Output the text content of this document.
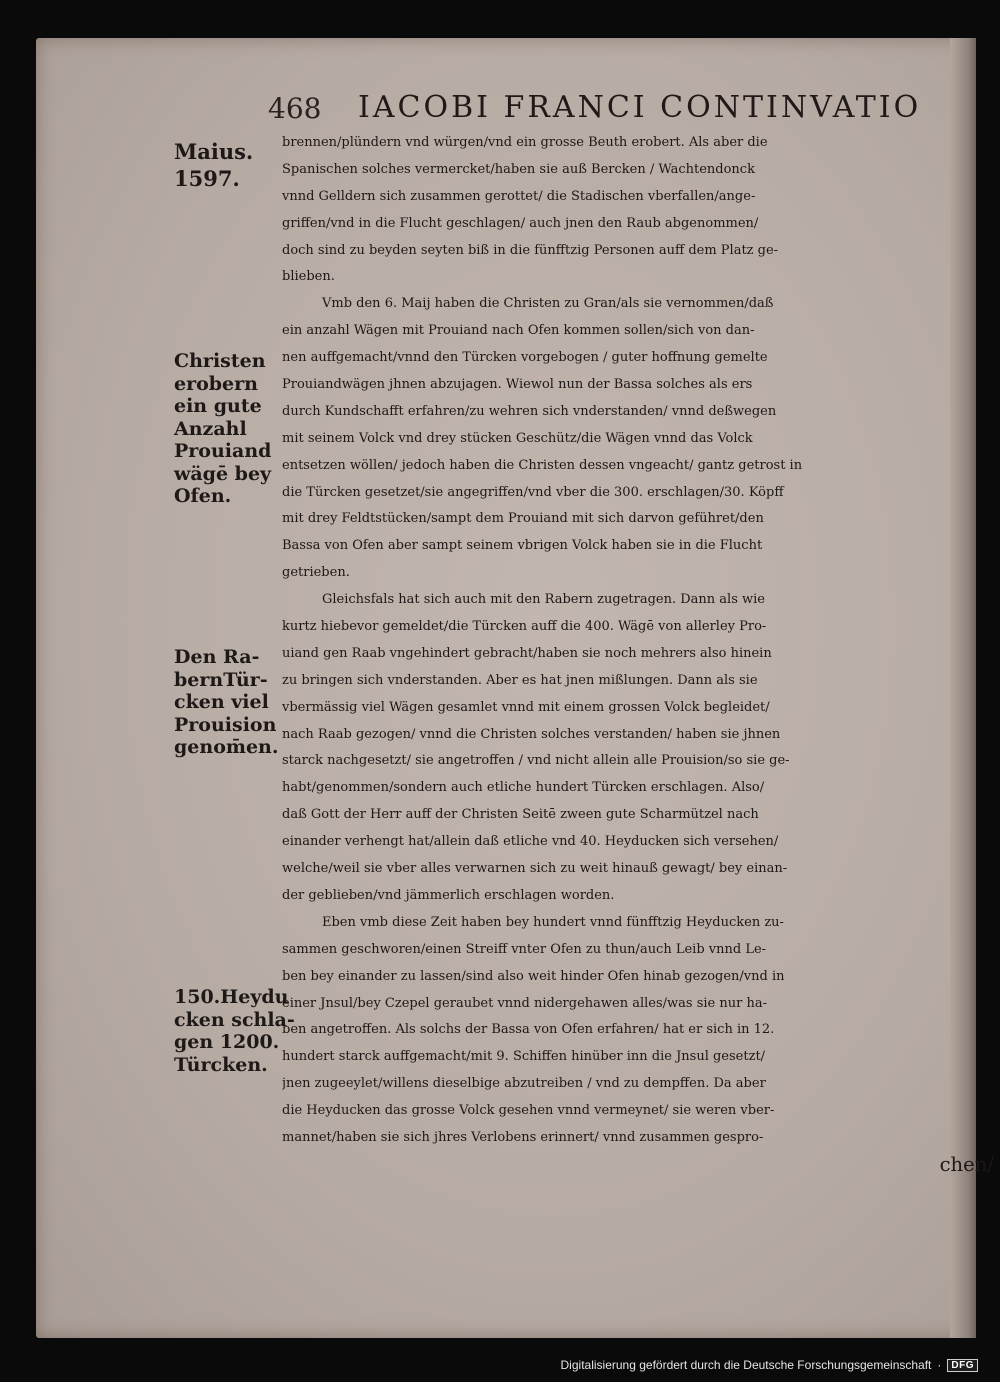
468 IACOBI FRANCI CONTINVATIO
Maius.
1597.
Christen
erobern
ein gute
Anzahl
Prouiand
wägē bey
Ofen.
Den Ra-
bernTür-
cken viel
Prouision
genom̄en.
150.Heydu
cken schla-
gen 1200.
Türcken.
brennen/plündern vnd würgen/vnd ein grosse Beuth erobert. Als aber die
Spanischen solches vermercket/haben sie auß Bercken / Wachtendonck
vnnd Gelldern sich zusammen gerottet/ die Stadischen vberfallen/ange-
griffen/vnd in die Flucht geschlagen/ auch jnen den Raub abgenommen/
doch sind zu beyden seyten biß in die fünfftzig Personen auff dem Platz ge-
blieben.
Vmb den 6. Maij haben die Christen zu Gran/als sie vernommen/daß
ein anzahl Wägen mit Prouiand nach Ofen kommen sollen/sich von dan-
nen auffgemacht/vnnd den Türcken vorgebogen / guter hoffnung gemelte
Prouiandwägen jhnen abzujagen. Wiewol nun der Bassa solches als ers
durch Kundschafft erfahren/zu wehren sich vnderstanden/ vnnd deßwegen
mit seinem Volck vnd drey stücken Geschütz/die Wägen vnnd das Volck
entsetzen wöllen/ jedoch haben die Christen dessen vngeacht/ gantz getrost in
die Türcken gesetzet/sie angegriffen/vnd vber die 300. erschlagen/30. Köpff
mit drey Feldtstücken/sampt dem Prouiand mit sich darvon geführet/den
Bassa von Ofen aber sampt seinem vbrigen Volck haben sie in die Flucht
getrieben.
Gleichsfals hat sich auch mit den Rabern zugetragen. Dann als wie
kurtz hiebevor gemeldet/die Türcken auff die 400. Wägē von allerley Pro-
uiand gen Raab vngehindert gebracht/haben sie noch mehrers also hinein
zu bringen sich vnderstanden. Aber es hat jnen mißlungen. Dann als sie
vbermässig viel Wägen gesamlet vnnd mit einem grossen Volck begleidet/
nach Raab gezogen/ vnnd die Christen solches verstanden/ haben sie jhnen
starck nachgesetzt/ sie angetroffen / vnd nicht allein alle Prouision/so sie ge-
habt/genommen/sondern auch etliche hundert Türcken erschlagen. Also/
daß Gott der Herr auff der Christen Seitē zween gute Scharmützel nach
einander verhengt hat/allein daß etliche vnd 40. Heyducken sich versehen/
welche/weil sie vber alles verwarnen sich zu weit hinauß gewagt/ bey einan-
der geblieben/vnd jämmerlich erschlagen worden.
Eben vmb diese Zeit haben bey hundert vnnd fünfftzig Heyducken zu-
sammen geschworen/einen Streiff vnter Ofen zu thun/auch Leib vnnd Le-
ben bey einander zu lassen/sind also weit hinder Ofen hinab gezogen/vnd in
einer Jnsul/bey Czepel geraubet vnnd nidergehawen alles/was sie nur ha-
ben angetroffen. Als solchs der Bassa von Ofen erfahren/ hat er sich in 12.
hundert starck auffgemacht/mit 9. Schiffen hinüber inn die Jnsul gesetzt/
jnen zugeeylet/willens dieselbige abzutreiben / vnd zu dempffen. Da aber
die Heyducken das grosse Volck gesehen vnnd vermeynet/ sie weren vber-
mannet/haben sie sich jhres Verlobens erinnert/ vnnd zusammen gespro-
chen/
Digitalisierung gefördert durch die Deutsche Forschungsgemeinschaft ·	DFG
